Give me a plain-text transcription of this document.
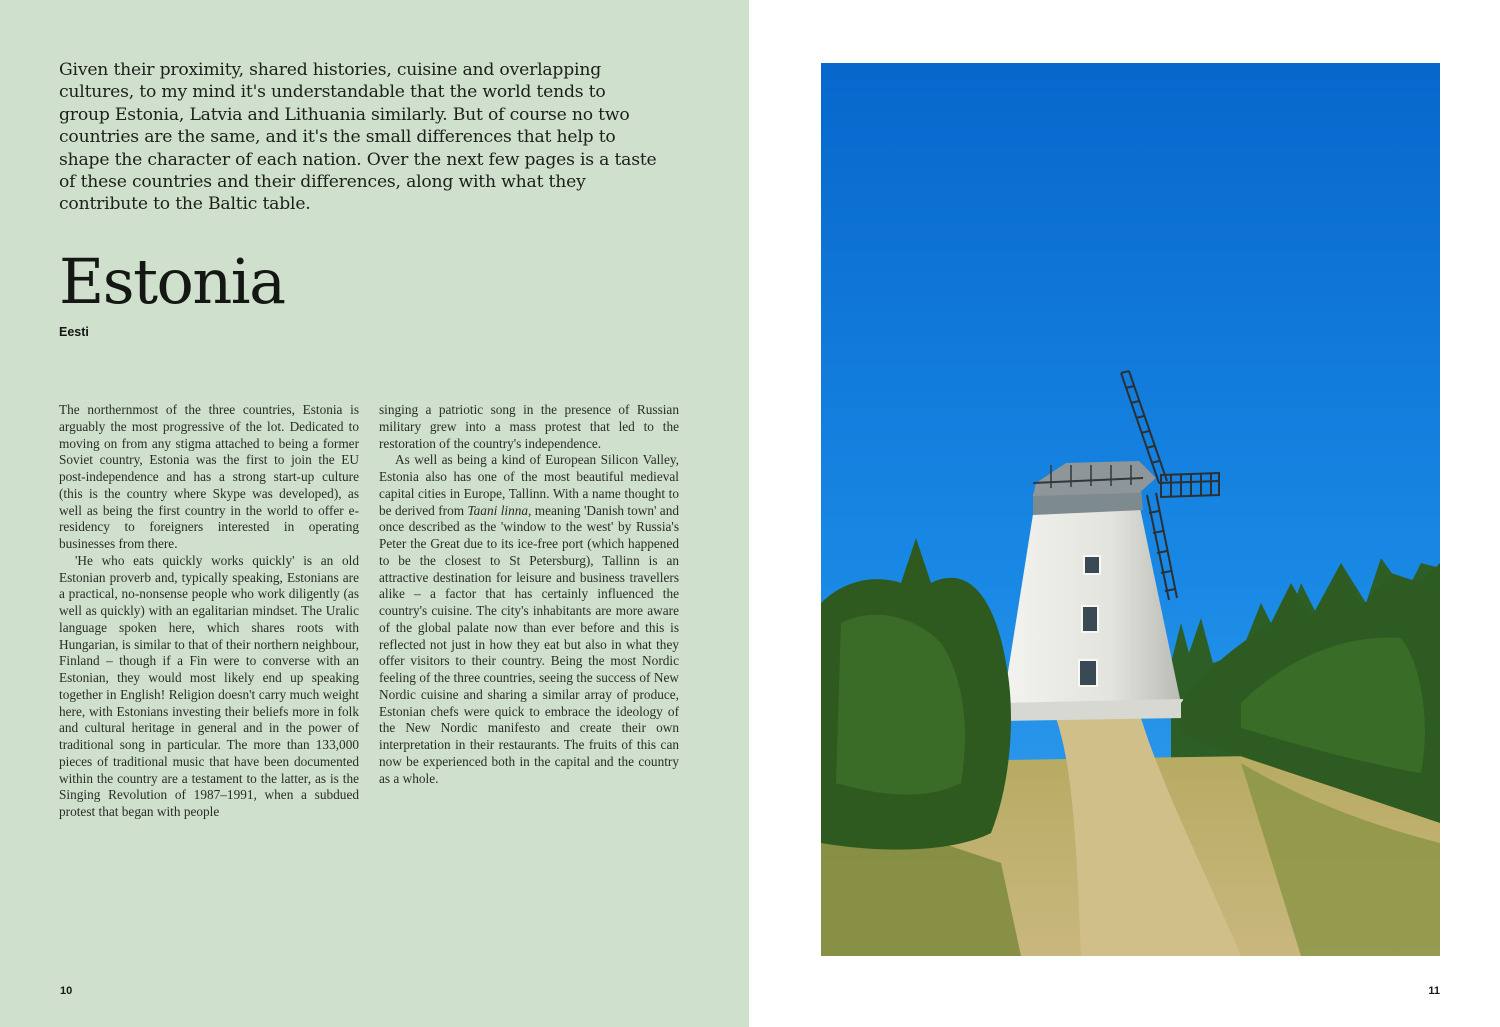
Given their proximity, shared histories, cuisine and overlapping cultures, to my mind it's understandable that the world tends to group Estonia, Latvia and Lithuania similarly. But of course no two countries are the same, and it's the small differences that help to shape the character of each nation. Over the next few pages is a taste of these countries and their differences, along with what they contribute to the Baltic table.

Estonia
Eesti

The northernmost of the three countries, Estonia is arguably the most progressive of the lot. Dedicated to moving on from any stigma attached to being a former Soviet country, Estonia was the first to join the EU post-independence and has a strong start-up culture (this is the country where Skype was developed), as well as being the first country in the world to offer e-residency to foreigners interested in operating businesses from there.

'He who eats quickly works quickly' is an old Estonian proverb and, typically speaking, Estonians are a practical, no-nonsense people who work diligently (as well as quickly) with an egalitarian mindset. The Uralic language spoken here, which shares roots with Hungarian, is similar to that of their northern neighbour, Finland – though if a Fin were to converse with an Estonian, they would most likely end up speaking together in English! Religion doesn't carry much weight here, with Estonians investing their beliefs more in folk and cultural heritage in general and in the power of traditional song in particular. The more than 133,000 pieces of traditional music that have been documented within the country are a testament to the latter, as is the Singing Revolution of 1987–1991, when a subdued protest that began with people

singing a patriotic song in the presence of Russian military grew into a mass protest that led to the restoration of the country's independence.

As well as being a kind of European Silicon Valley, Estonia also has one of the most beautiful medieval capital cities in Europe, Tallinn. With a name thought to be derived from Taani linna, meaning 'Danish town' and once described as the 'window to the west' by Russia's Peter the Great due to its ice-free port (which happened to be the closest to St Petersburg), Tallinn is an attractive destination for leisure and business travellers alike – a factor that has certainly influenced the country's cuisine. The city's inhabitants are more aware of the global palate now than ever before and this is reflected not just in how they eat but also in what they offer visitors to their country. Being the most Nordic feeling of the three countries, seeing the success of New Nordic cuisine and sharing a similar array of produce, Estonian chefs were quick to embrace the ideology of the New Nordic manifesto and create their own interpretation in their restaurants. The fruits of this can now be experienced both in the capital and the country as a whole.

10	11
